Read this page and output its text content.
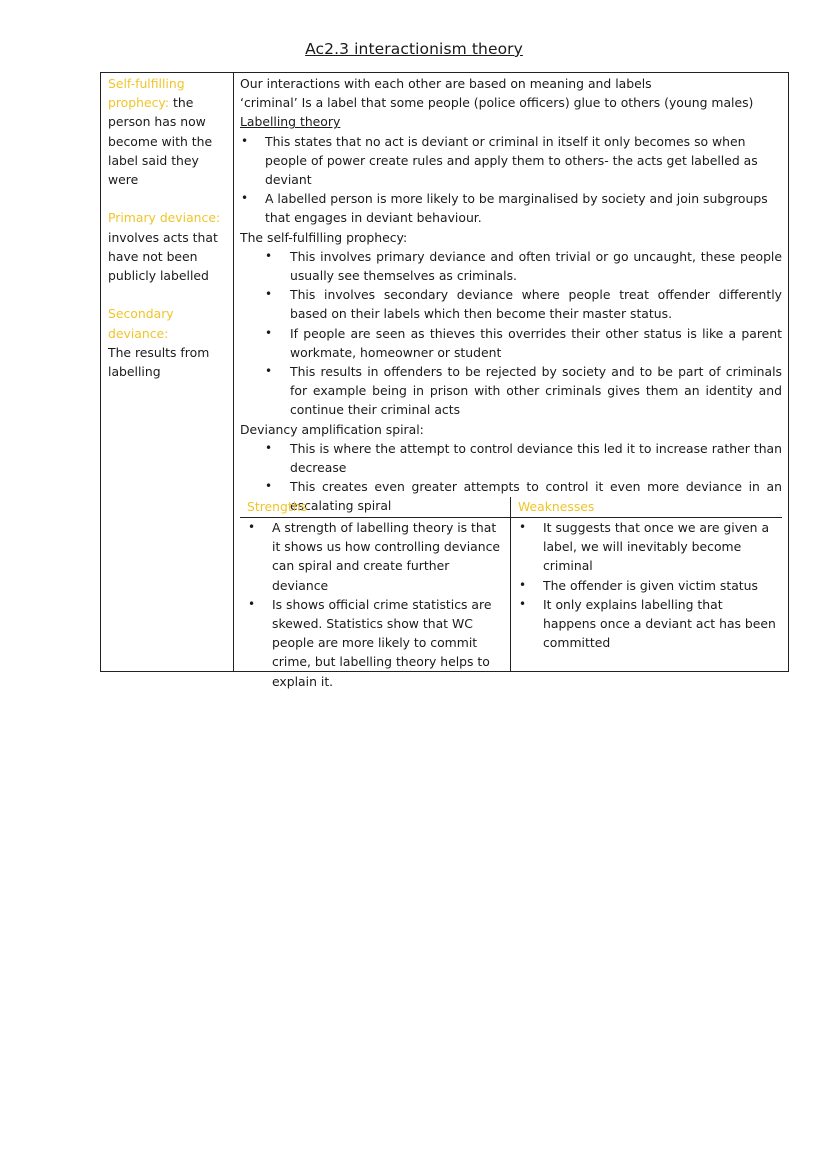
Ac2.3 interactionism theory
Self-fulfilling prophecy: the
person has now
become with the
label said they
were
Primary deviance:
involves acts that
have not been
publicly labelled
Secondary
deviance:
The results from
labelling
Our interactions with each other are based on meaning and labels
‘criminal’ Is a label that some people (police officers) glue to others (young males)
Labelling theory
• This states that no act is deviant or criminal in itself it only becomes so when people of power create rules and apply them to others- the acts get labelled as deviant
• A labelled person is more likely to be marginalised by society and join subgroups that engages in deviant behaviour.
The self-fulfilling prophecy:
• This involves primary deviance and often trivial or go uncaught, these people usually see themselves as criminals.
• This involves secondary deviance where people treat offender differently based on their labels which then become their master status.
• If people are seen as thieves this overrides their other status is like a parent workmate, homeowner or student
• This results in offenders to be rejected by society and to be part of criminals for example being in prison with other criminals gives them an identity and continue their criminal acts
Deviancy amplification spiral:
• This is where the attempt to control deviance this led it to increase rather than decrease
• This creates even greater attempts to control it even more deviance in an escalating spiral
Strengths	Weaknesses
• A strength of labelling theory is that
it shows us how controlling deviance
can spiral and create further deviance
• Is shows official crime statistics are
skewed. Statistics show that WC
people are more likely to commit
crime, but labelling theory helps to
explain it.
• It suggests that once we are given a
label, we will inevitably become
criminal
• The offender is given victim status
• It only explains labelling that
happens once a deviant act has been
committed
